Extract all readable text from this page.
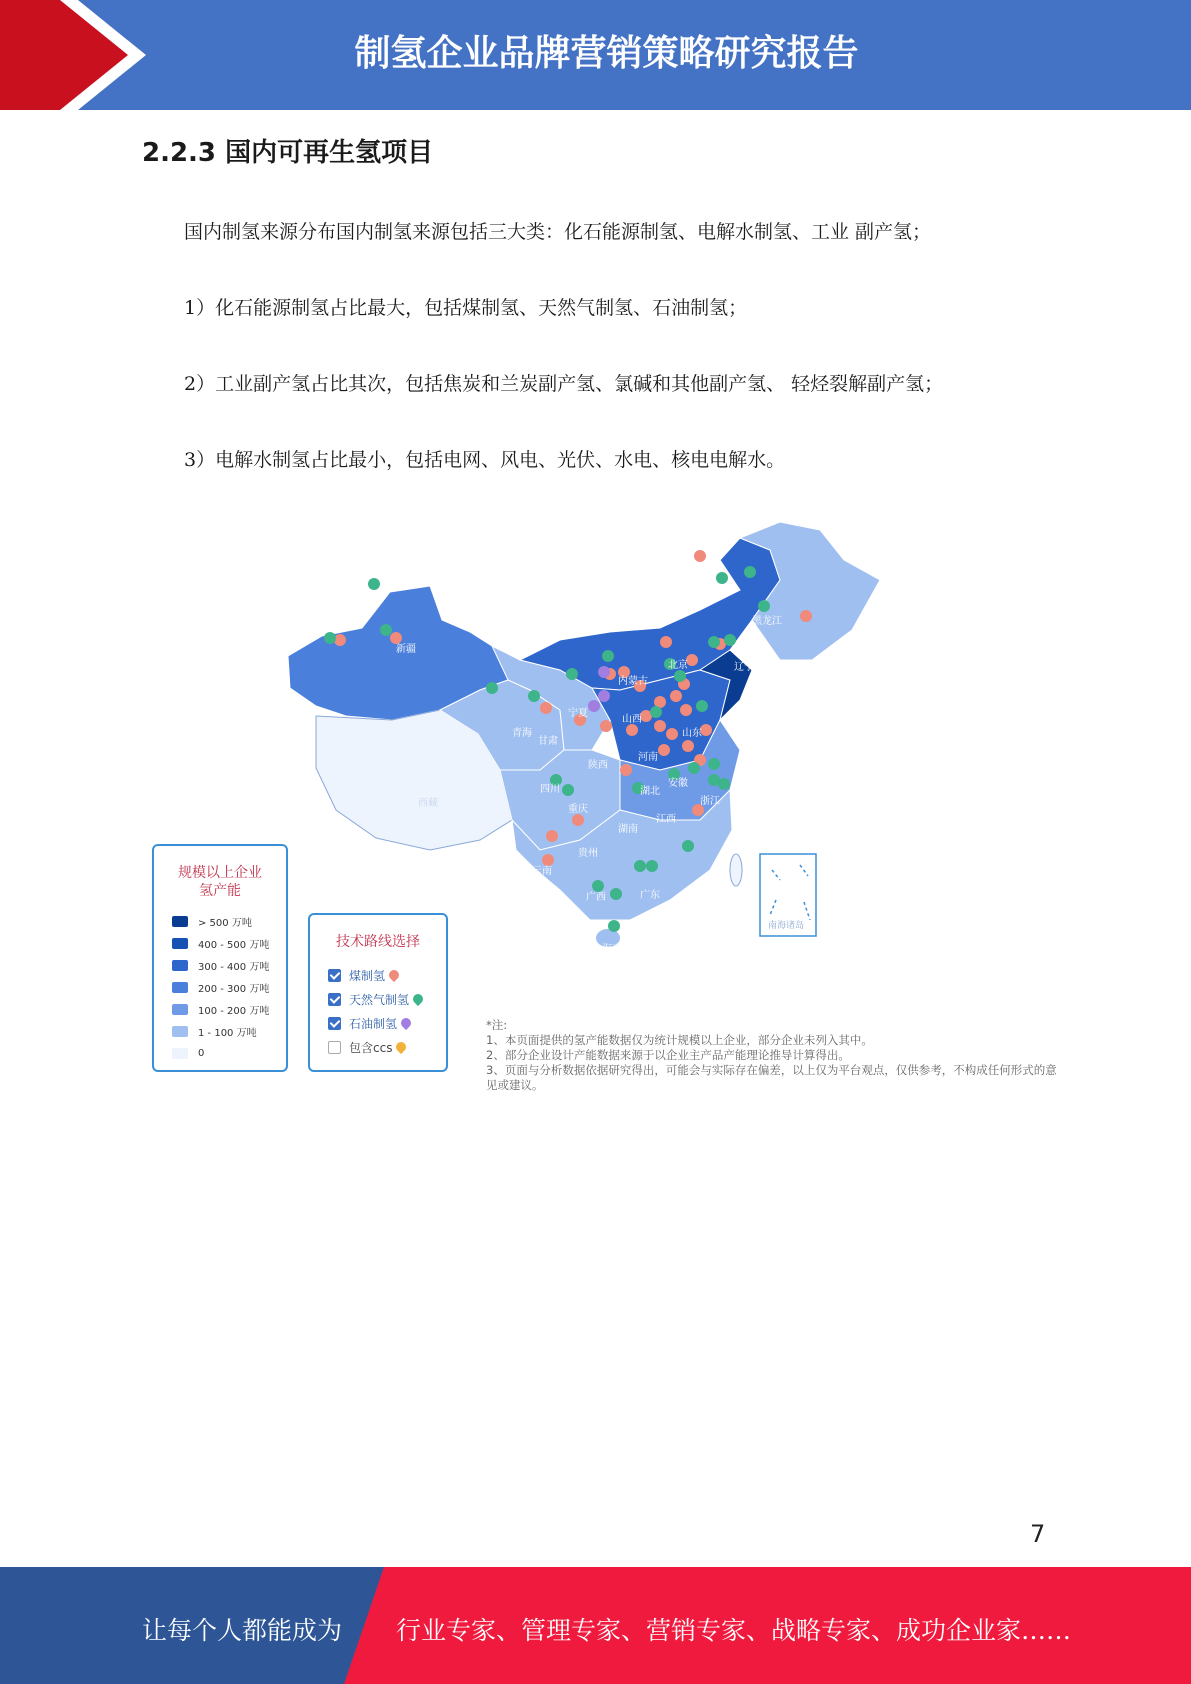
制氢企业品牌营销策略研究报告
2.2.3 国内可再生氢项目
国内制氢来源分布国内制氢来源包括三大类：化石能源制氢、电解水制氢、工业 副产氢；
1）化石能源制氢占比最大，包括煤制氢、天然气制氢、石油制氢；
2）工业副产氢占比其次，包括焦炭和兰炭副产氢、氯碱和其他副产氢、 轻烃裂解副产氢；
3）电解水制氢占比最小，包括电网、风电、光伏、水电、核电电解水。
新疆
内蒙古
黑龙江
吉林
辽宁
宁夏
青海
甘肃
山西
山东
陕西
河南
西藏
四川
重庆
湖北
安徽
浙江
江西
湖南
贵州
云南
广西	广东
海南
北京
南海诸岛
规模以上企业
氢产能
> 500 万吨
400 - 500 万吨
300 - 400 万吨
200 - 300 万吨
100 - 200 万吨
1 - 100 万吨
0
技术路线选择
煤制氢
天然气制氢
石油制氢
包含ccs
*注:
1、本页面提供的氢产能数据仅为统计规模以上企业，部分企业未列入其中。
2、部分企业设计产能数据来源于以企业主产品产能理论推导计算得出。
3、页面与分析数据依据研究得出，可能会与实际存在偏差，以上仅为平台观点，仅供参考，不构成任何形式的意见或建议。
7
让每个人都能成为 行业专家、管理专家、营销专家、战略专家、成功企业家……
